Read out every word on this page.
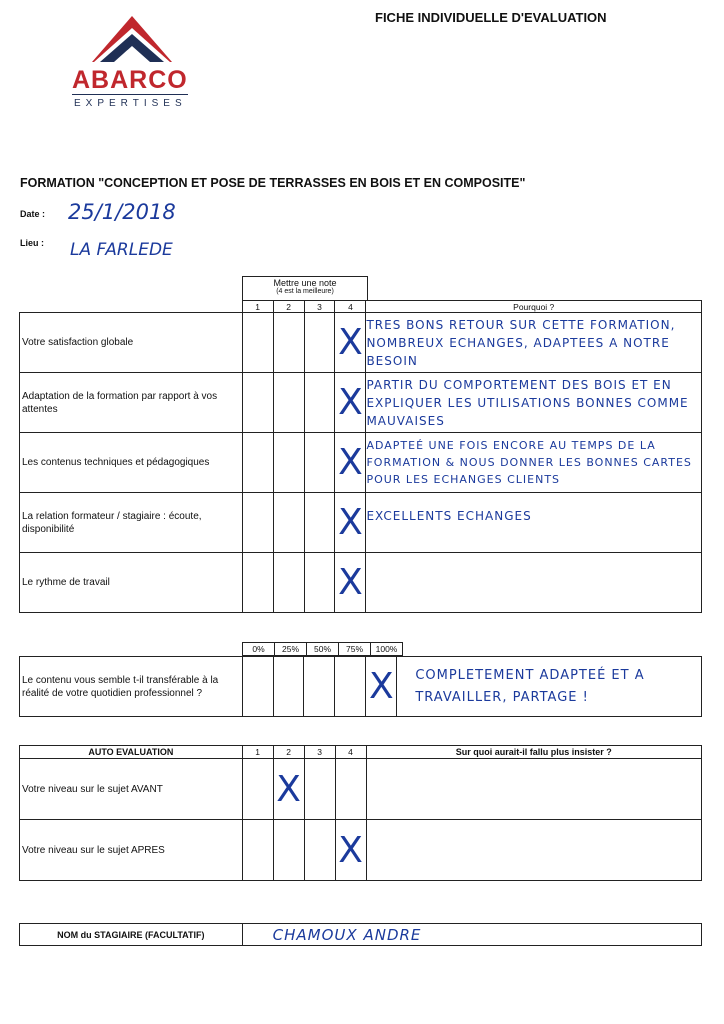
FICHE INDIVIDUELLE D'EVALUATION
ABARCO
EXPERTISES
FORMATION "CONCEPTION ET POSE DE TERRASSES EN BOIS ET EN COMPOSITE"
Date : 25/1/2018
Lieu : LA FARLEDE
Mettre une note
(4 est la meilleure)
	1	2	3	4	Pourquoi ?
Votre satisfaction globale				X	TRES BONS RETOUR SUR CETTE FORMATION, NOMBREUX ECHANGES, ADAPTEES A NOTRE BESOIN
Adaptation de la formation par rapport à vos attentes				X	PARTIR DU COMPORTEMENT DES BOIS ET EN EXPLIQUER LES UTILISATIONS BONNES COMME MAUVAISES
Les contenus techniques et pédagogiques				X	ADAPTEÉ UNE FOIS ENCORE AU TEMPS DE LA FORMATION & NOUS DONNER LES BONNES CARTES POUR LES ECHANGES CLIENTS
La relation formateur / stagiaire : écoute, disponibilité				X	EXCELLENTS ECHANGES
Le rythme de travail				X	
0%	25%	50%	75%	100%
Le contenu vous semble t-il transférable à la réalité de votre quotidien professionnel ?					X	COMPLETEMENT ADAPTEÉ ET A TRAVAILLER, PARTAGE !
AUTO EVALUATION	1	2	3	4	Sur quoi aurait-il fallu plus insister ?
Votre niveau sur le sujet AVANT		X			
Votre niveau sur le sujet APRES				X	
NOM du STAGIAIRE (FACULTATIF)	CHAMOUX ANDRE
